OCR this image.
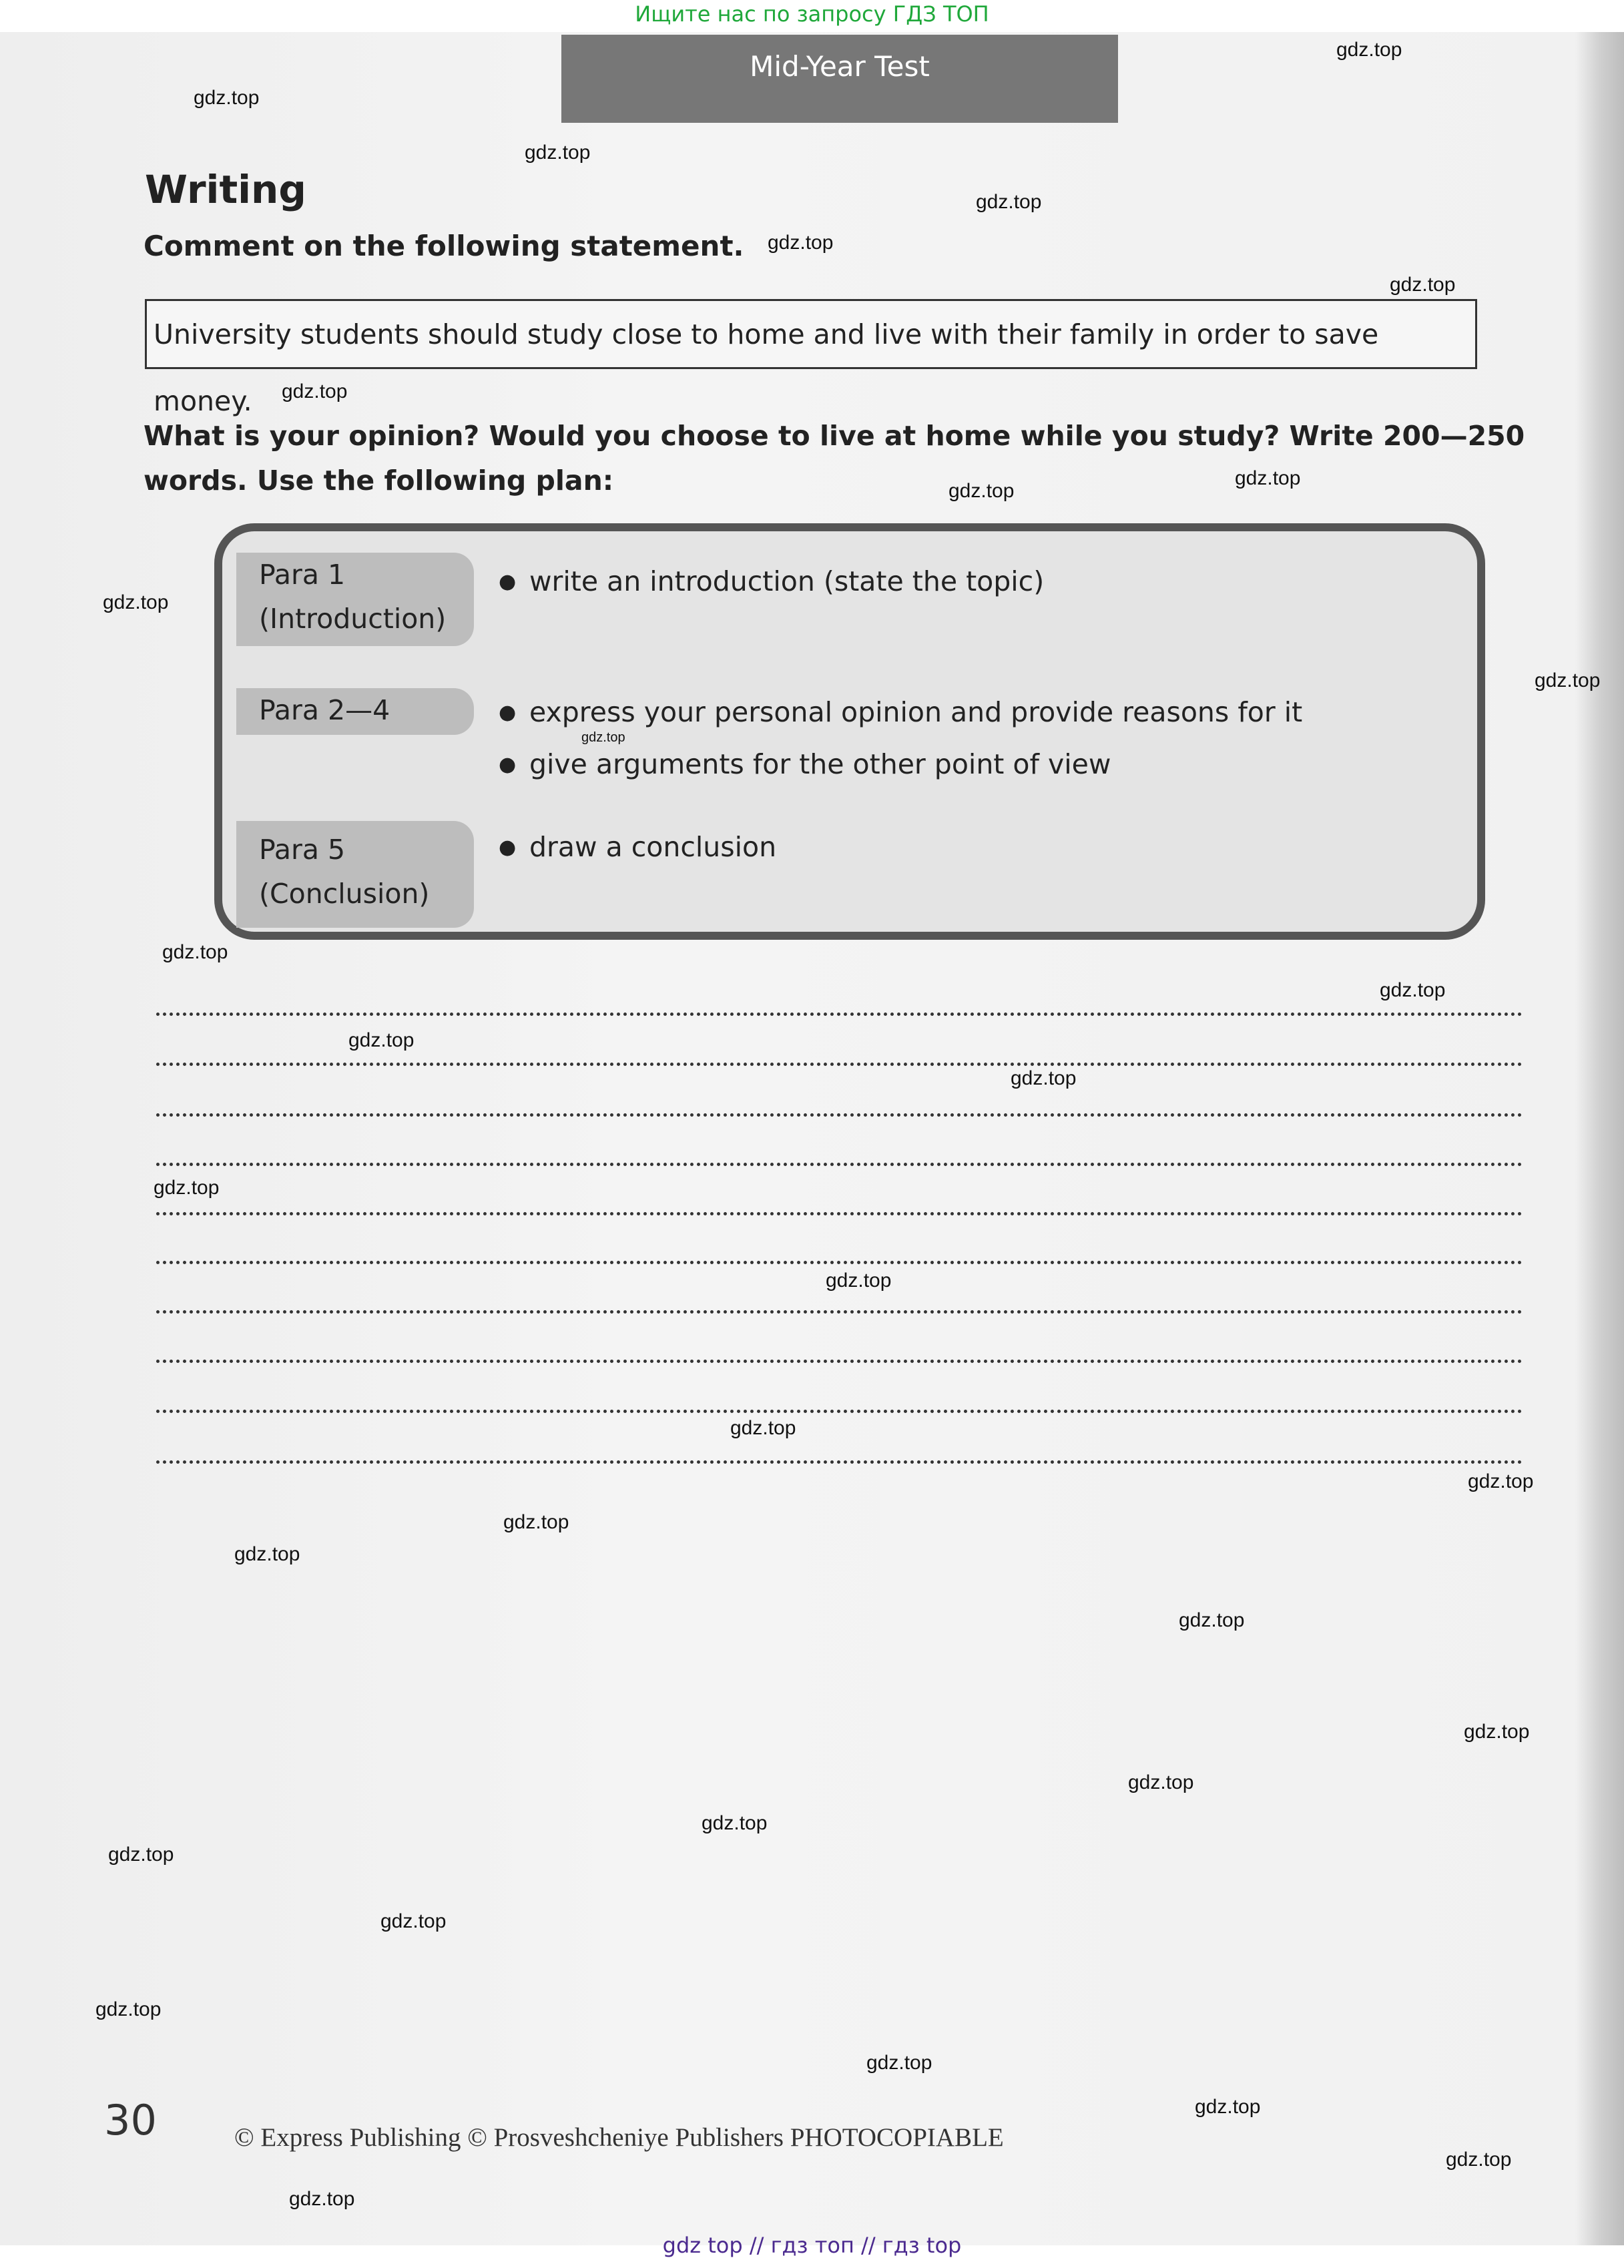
Ищите нас по запросу ГДЗ ТОП
Mid-Year Test
Writing
Comment on the following statement.
University students should study close to home and live with their family in order to save money.
What is your opinion? Would you choose to live at home while you study? Write 200—250 words. Use the following plan:
Para 1
(Introduction)
● write an introduction (state the topic)
Para 2—4	● express your personal opinion and provide reasons for it
● give arguments for the other point of view
Para 5
(Conclusion)
● draw a conclusion
30	© Express Publishing © Prosveshcheniye Publishers PHOTOCOPIABLE
gdz.top
gdz.top
gdz.top
gdz.top
gdz.top
gdz.top
gdz.top
gdz.top
gdz.top
gdz.top
gdz.top
gdz.top
gdz.top
gdz.top
gdz.top
gdz.top
gdz.top
gdz.top
gdz.top
gdz.top
gdz.top
gdz.top
gdz.top
gdz.top
gdz.top
gdz.top
gdz.top
gdz.top
gdz.top
gdz.top
gdz.top
gdz.top
gdz.top
gdz top // гдз топ // гдз top
